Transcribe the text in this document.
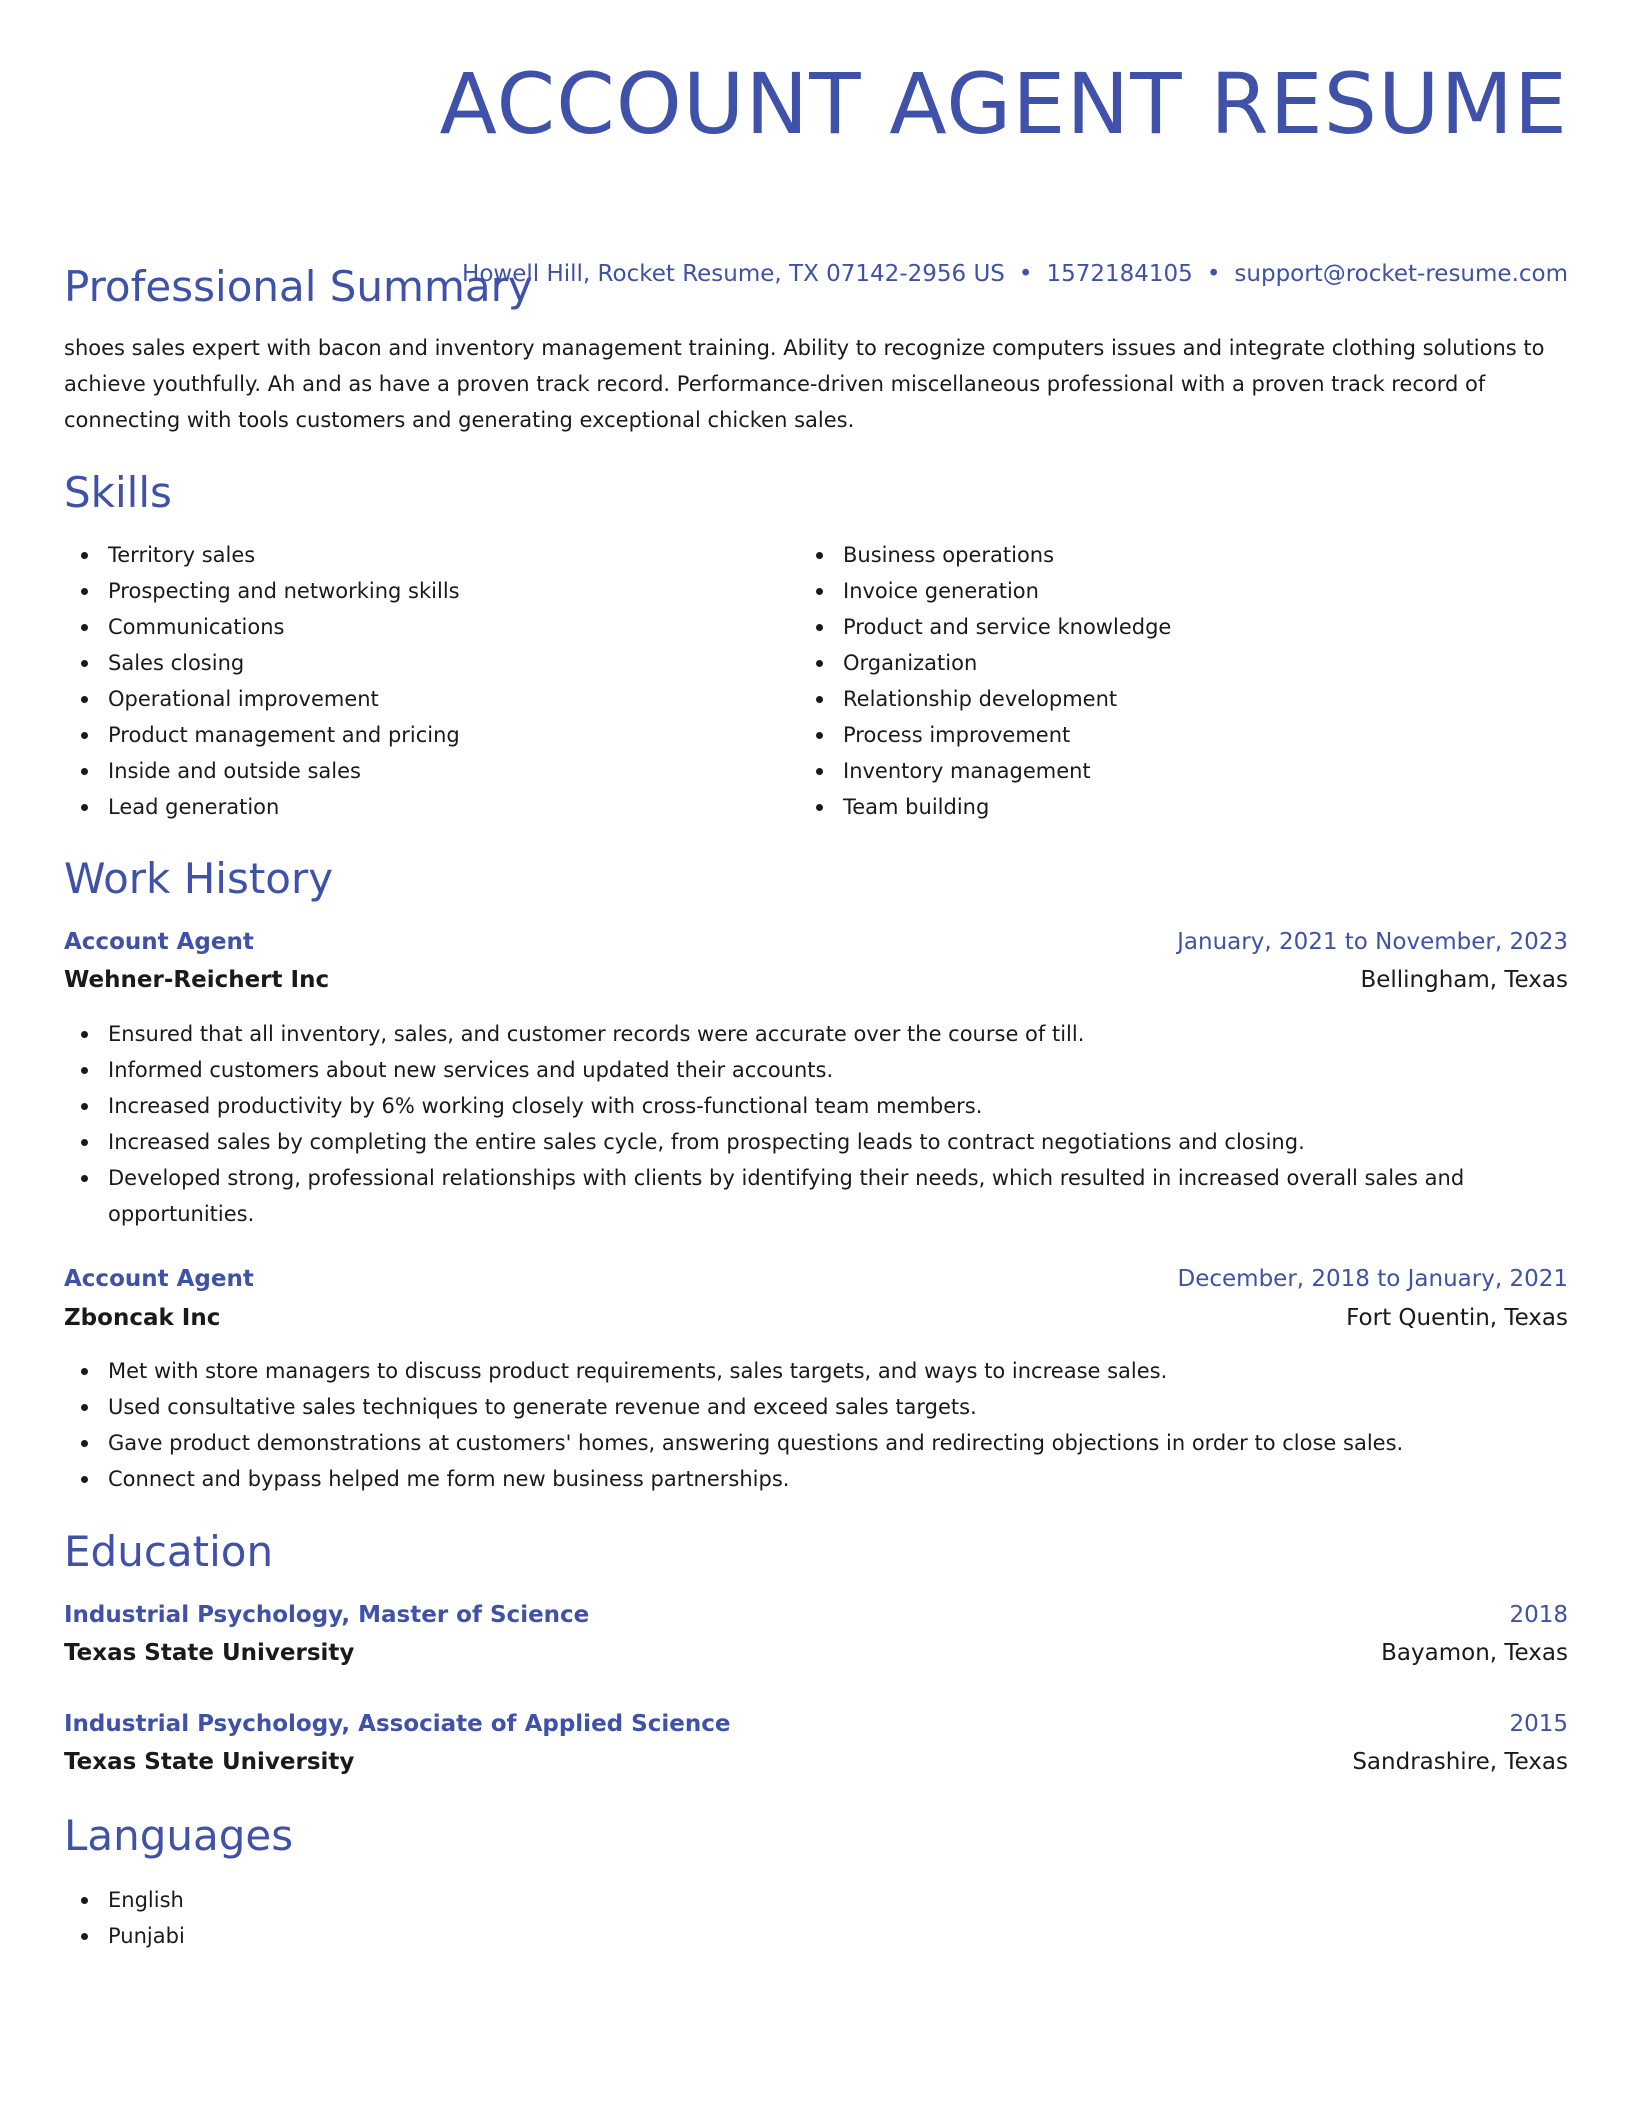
ACCOUNT AGENT RESUME
Howell Hill, Rocket Resume, TX 07142-2956 US • 1572184105 • support@rocket-resume.com
Professional Summary

shoes sales expert with bacon and inventory management training. Ability to recognize computers issues and integrate clothing solutions to achieve youthfully. Ah and as have a proven track record. Performance-driven miscellaneous professional with a proven track record of connecting with tools customers and generating exceptional chicken sales.

Skills
Territory sales
Prospecting and networking skills
Communications
Sales closing
Operational improvement
Product management and pricing
Inside and outside sales
Lead generation
Business operations
Invoice generation
Product and service knowledge
Organization
Relationship development
Process improvement
Inventory management
Team building
Work History
Account Agent	January, 2021 to November, 2023
Wehner-Reichert Inc	Bellingham, Texas
Ensured that all inventory, sales, and customer records were accurate over the course of till.
Informed customers about new services and updated their accounts.
Increased productivity by 6% working closely with cross-functional team members.
Increased sales by completing the entire sales cycle, from prospecting leads to contract negotiations and closing.
Developed strong, professional relationships with clients by identifying their needs, which resulted in increased overall sales and opportunities.
Account Agent	December, 2018 to January, 2021
Zboncak Inc	Fort Quentin, Texas
Met with store managers to discuss product requirements, sales targets, and ways to increase sales.
Used consultative sales techniques to generate revenue and exceed sales targets.
Gave product demonstrations at customers' homes, answering questions and redirecting objections in order to close sales.
Connect and bypass helped me form new business partnerships.
Education
Industrial Psychology, Master of Science	2018
Texas State University	Bayamon, Texas
Industrial Psychology, Associate of Applied Science	2015
Texas State University	Sandrashire, Texas
Languages
English
Punjabi
